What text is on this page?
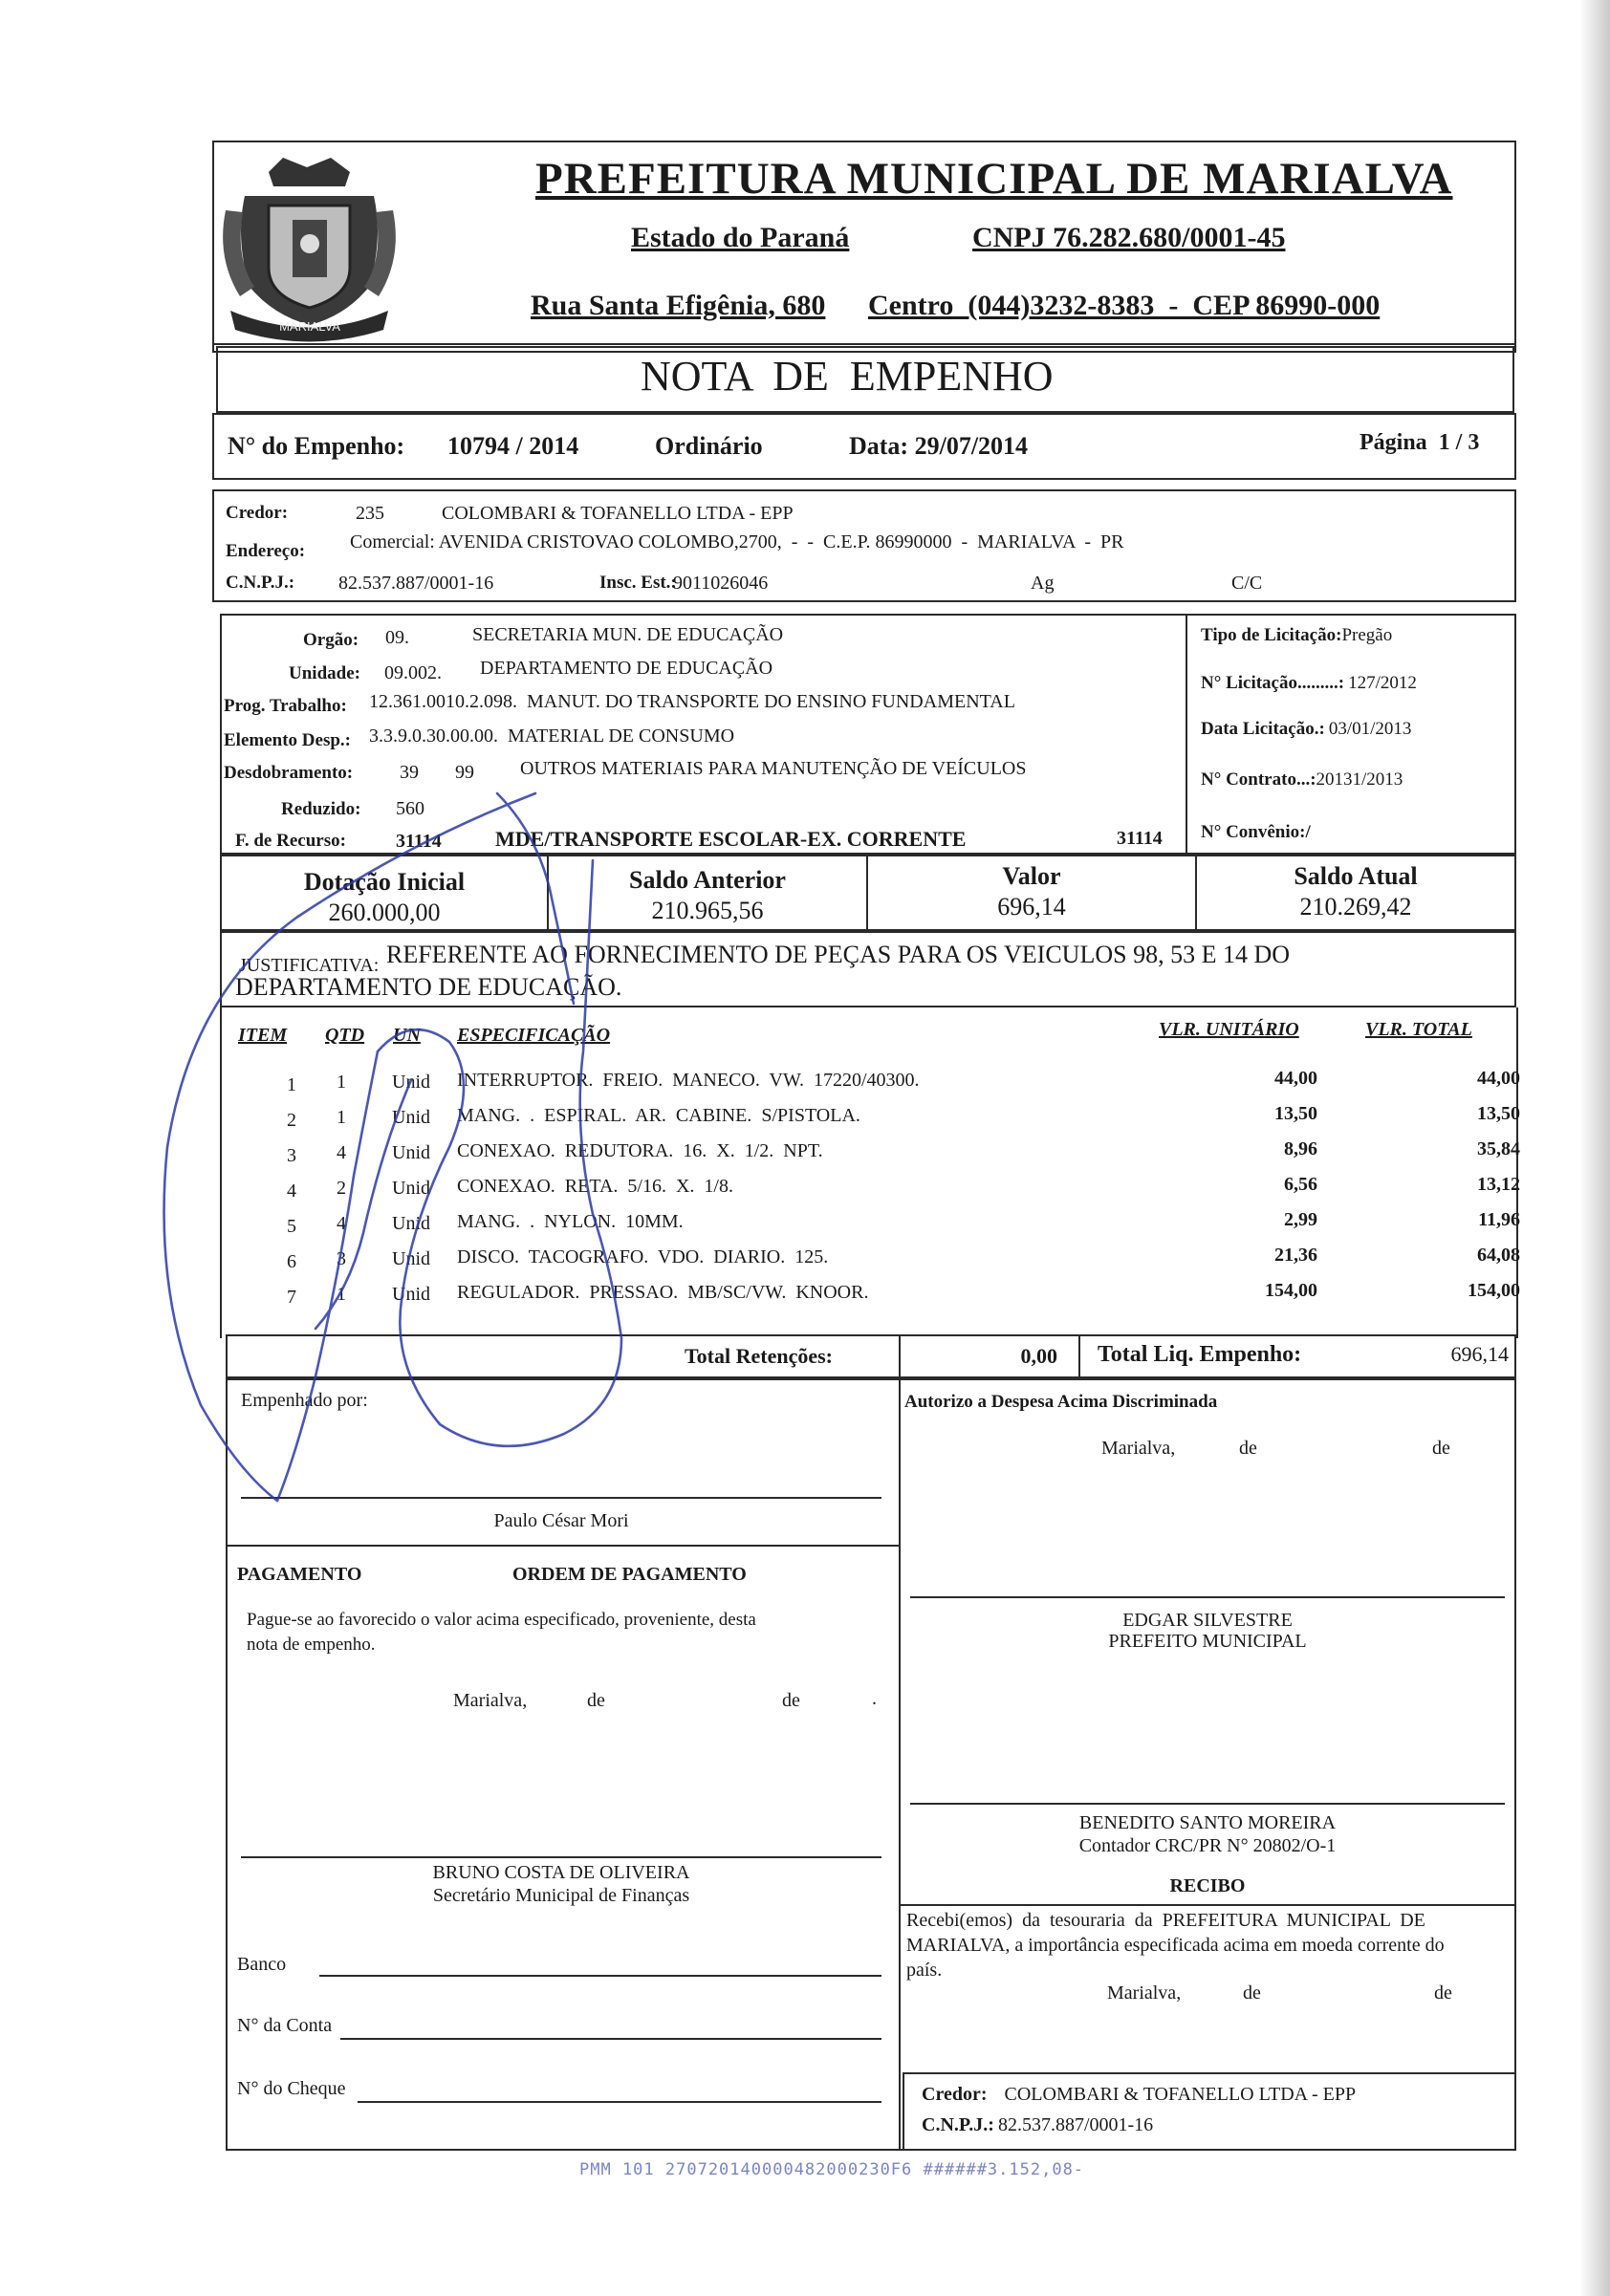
MARIALVA
PREFEITURA MUNICIPAL DE MARIALVA
Estado do Paraná	CNPJ 76.282.680/0001-45
Rua Santa Efigênia, 680 Centro  (044)3232-8383  -  CEP 86990-000
NOTA  DE  EMPENHO
N° do Empenho: 10794 / 2014	Ordinário	Data: 29/07/2014	Página  1 / 3
Credor:	235	COLOMBARI & TOFANELLO LTDA - EPP
Endereço: Comercial: AVENIDA CRISTOVAO COLOMBO,2700,  -  -  C.E.P. 86990000  -  MARIALVA  -  PR
C.N.P.J.: 82.537.887/0001-16	Insc. Est.:
9011026046	Ag	C/C
Orgão: 09.	SECRETARIA MUN. DE EDUCAÇÃO
Unidade: 09.002. DEPARTAMENTO DE EDUCAÇÃO
Prog. Trabalho: 12.361.0010.2.098.  MANUT. DO TRANSPORTE DO ENSINO FUNDAMENTAL
Elemento Desp.: 3.3.9.0.30.00.00.  MATERIAL DE CONSUMO
Desdobramento: 39 99 OUTROS MATERIAIS PARA MANUTENÇÃO DE VEÍCULOS
Reduzido: 560
F. de Recurso:	31114	MDE/TRANSPORTE ESCOLAR-EX. CORRENTE	31114
Tipo de Licitação:Pregão
N° Licitação.........: 127/2012
Data Licitação.: 03/01/2013
N° Contrato...:20131/2013
N° Convênio:/
Dotação Inicial
260.000,00
Saldo Anterior
210.965,56
Valor
696,14
Saldo Atual
210.269,42
JUSTIFICATIVA: REFERENTE AO FORNECIMENTO DE PEÇAS PARA OS VEICULOS 98, 53 E 14 DO
DEPARTAMENTO DE EDUCAÇÃO.
ITEM QTD UN ESPECIFICAÇÃO	VLR. UNITÁRIO	VLR. TOTAL
1 1 Unid INTERRUPTOR.  FREIO.  MANECO.  VW.  17220/40300.	44,00	44,00
2 1 Unid MANG.  .  ESPIRAL.  AR.  CABINE.  S/PISTOLA.	13,50	13,50
3 4 Unid CONEXAO.  REDUTORA.  16.  X.  1/2.  NPT.	8,96	35,84
4 2 Unid CONEXAO.  RETA.  5/16.  X.  1/8.	6,56	13,12
5 4 Unid MANG.  .  NYLON.  10MM.	2,99	11,96
6 3 Unid DISCO.  TACOGRAFO.  VDO.  DIARIO.  125.	21,36	64,08
7 1 Unid REGULADOR.  PRESSAO.  MB/SC/VW.  KNOOR.	154,00	154,00
Total Retenções:	0,00 Total Liq. Empenho:	696,14
Empenhado por:
Paulo César Mori
PAGAMENTO	ORDEM DE PAGAMENTO
Pague-se ao favorecido o valor acima especificado, proveniente, desta
nota de empenho.
Marialva,	de	de	.
BRUNO COSTA DE OLIVEIRA
Secretário Municipal de Finanças
Banco
N° da Conta
N° do Cheque
Autorizo a Despesa Acima Discriminada
Marialva,	de	de
EDGAR SILVESTRE
PREFEITO MUNICIPAL
BENEDITO SANTO MOREIRA
Contador CRC/PR N° 20802/O-1
RECIBO
Recebi(emos)  da  tesouraria  da  PREFEITURA  MUNICIPAL  DE
MARIALVA, a importância especificada acima em moeda corrente do
país.
Marialva,	de	de
Credor: COLOMBARI & TOFANELLO LTDA - EPP
C.N.P.J.: 82.537.887/0001-16
PMM 101 270720140000482000230F6 ######3.152,08-
